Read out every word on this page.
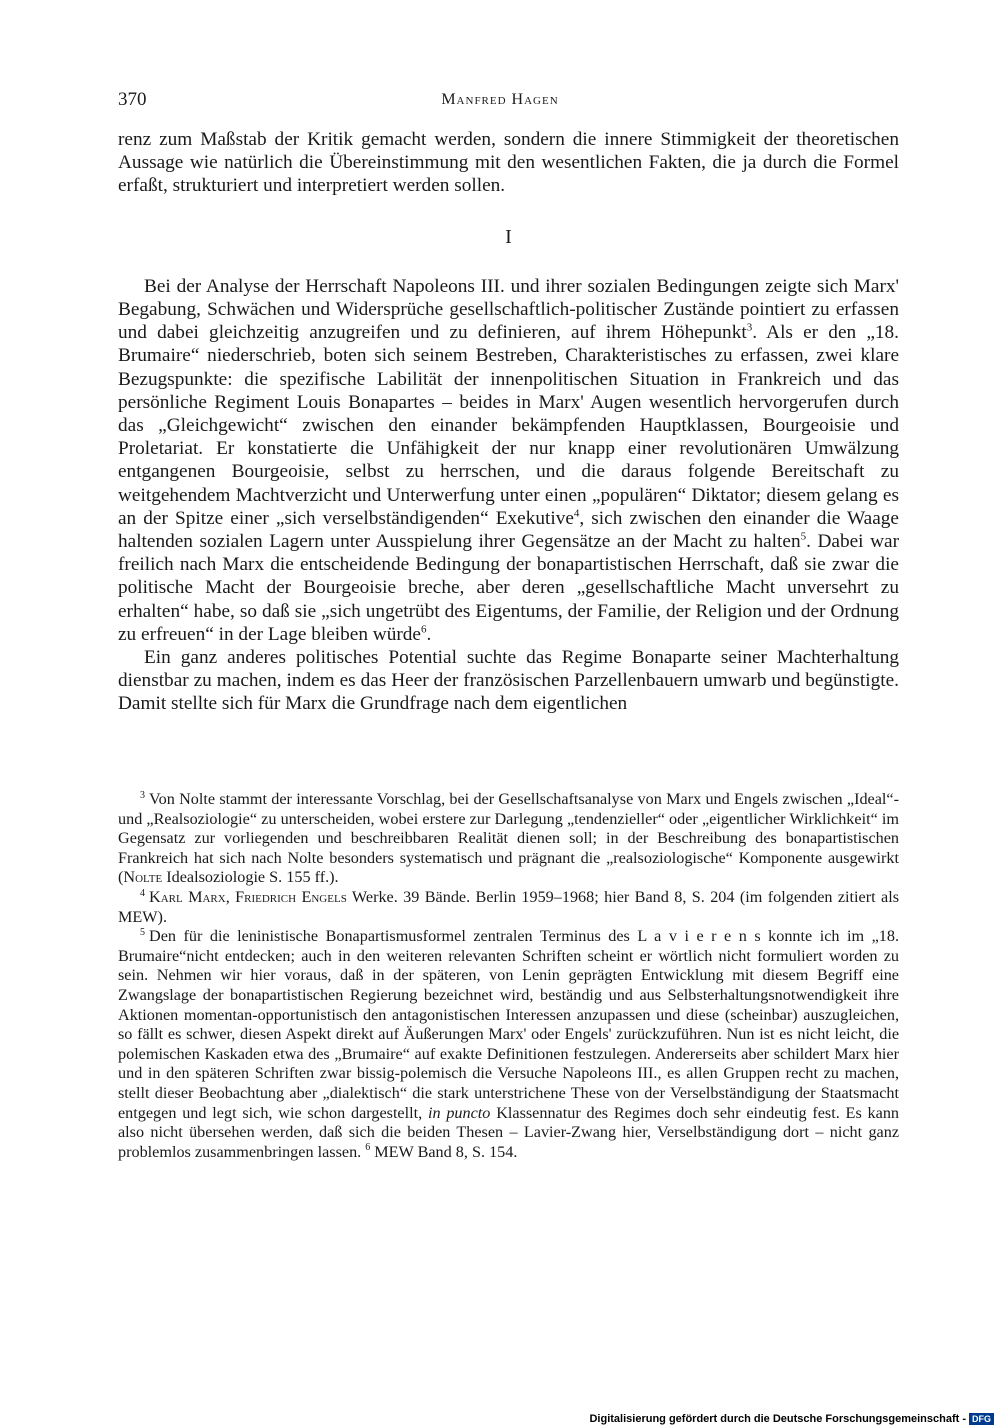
370	Manfred Hagen

renz zum Maßstab der Kritik gemacht werden, sondern die innere Stimmigkeit der theoretischen Aussage wie natürlich die Übereinstimmung mit den wesentlichen Fakten, die ja durch die Formel erfaßt, strukturiert und interpretiert werden sollen.

I

Bei der Analyse der Herrschaft Napoleons III. und ihrer sozialen Bedingungen zeigte sich Marx' Begabung, Schwächen und Widersprüche gesellschaftlich-politischer Zustände pointiert zu erfassen und dabei gleichzeitig anzugreifen und zu definieren, auf ihrem Höhepunkt$^3$. Als er den „18. Brumaire“ niederschrieb, boten sich seinem Bestreben, Charakteristisches zu erfassen, zwei klare Bezugspunkte: die spezifische Labilität der innenpolitischen Situation in Frankreich und das persönliche Regiment Louis Bonapartes – beides in Marx' Augen wesentlich hervorgerufen durch das „Gleichgewicht“ zwischen den einander bekämpfenden Hauptklassen, Bourgeoisie und Proletariat. Er konstatierte die Unfähigkeit der nur knapp einer revolutionären Umwälzung entgangenen Bourgeoisie, selbst zu herrschen, und die daraus folgende Bereitschaft zu weitgehendem Machtverzicht und Unterwerfung unter einen „populären“ Diktator; diesem gelang es an der Spitze einer „sich verselbständigenden“ Exekutive$^4$, sich zwischen den einander die Waage haltenden sozialen Lagern unter Ausspielung ihrer Gegensätze an der Macht zu halten$^5$. Dabei war freilich nach Marx die entscheidende Bedingung der bonapartistischen Herrschaft, daß sie zwar die politische Macht der Bourgeoisie breche, aber deren „gesellschaftliche Macht unversehrt zu erhalten“ habe, so daß sie „sich ungetrübt des Eigentums, der Familie, der Religion und der Ordnung zu erfreuen“ in der Lage bleiben würde$^6$.

Ein ganz anderes politisches Potential suchte das Regime Bonaparte seiner Machterhaltung dienstbar zu machen, indem es das Heer der französischen Parzellenbauern umwarb und begünstigte. Damit stellte sich für Marx die Grundfrage nach dem eigentlichen

$^3$ Von Nolte stammt der interessante Vorschlag, bei der Gesellschaftsanalyse von Marx und Engels zwischen „Ideal“- und „Realsoziologie“ zu unterscheiden, wobei erstere zur Darlegung „tendenzieller“ oder „eigentlicher Wirklichkeit“ im Gegensatz zur vorliegenden und beschreibbaren Realität dienen soll; in der Beschreibung des bonapartistischen Frankreich hat sich nach Nolte besonders systematisch und prägnant die „realsoziologische“ Komponente ausgewirkt (Nolte Idealsoziologie S. 155 ff.).

$^4$ Karl Marx, Friedrich Engels Werke. 39 Bände. Berlin 1959–1968; hier Band 8, S. 204 (im folgenden zitiert als MEW).

$^5$ Den für die leninistische Bonapartismusformel zentralen Terminus des L a v i e r e n s konnte ich im „18. Brumaire“nicht entdecken; auch in den weiteren relevanten Schriften scheint er wörtlich nicht formuliert worden zu sein. Nehmen wir hier voraus, daß in der späteren, von Lenin geprägten Entwicklung mit diesem Begriff eine Zwangslage der bonapartistischen Regierung bezeichnet wird, beständig und aus Selbsterhaltungsnotwendigkeit ihre Aktionen momentan-opportunistisch den antagonistischen Interessen anzupassen und diese (scheinbar) auszugleichen, so fällt es schwer, diesen Aspekt direkt auf Äußerungen Marx' oder Engels' zurückzuführen. Nun ist es nicht leicht, die polemischen Kaskaden etwa des „Brumaire“ auf exakte Definitionen festzulegen. Andererseits aber schildert Marx hier und in den späteren Schriften zwar bissig-polemisch die Versuche Napoleons III., es allen Gruppen recht zu machen, stellt dieser Beobachtung aber „dialektisch“ die stark unterstrichene These von der Verselbständigung der Staatsmacht entgegen und legt sich, wie schon dargestellt, in puncto Klassennatur des Regimes doch sehr eindeutig fest. Es kann also nicht übersehen werden, daß sich die beiden Thesen – Lavier-Zwang hier, Verselbständigung dort – nicht ganz problemlos zusammenbringen lassen. $^6$ MEW Band 8, S. 154.

Digitalisierung gefördert durch die Deutsche Forschungsgemeinschaft - DFG
